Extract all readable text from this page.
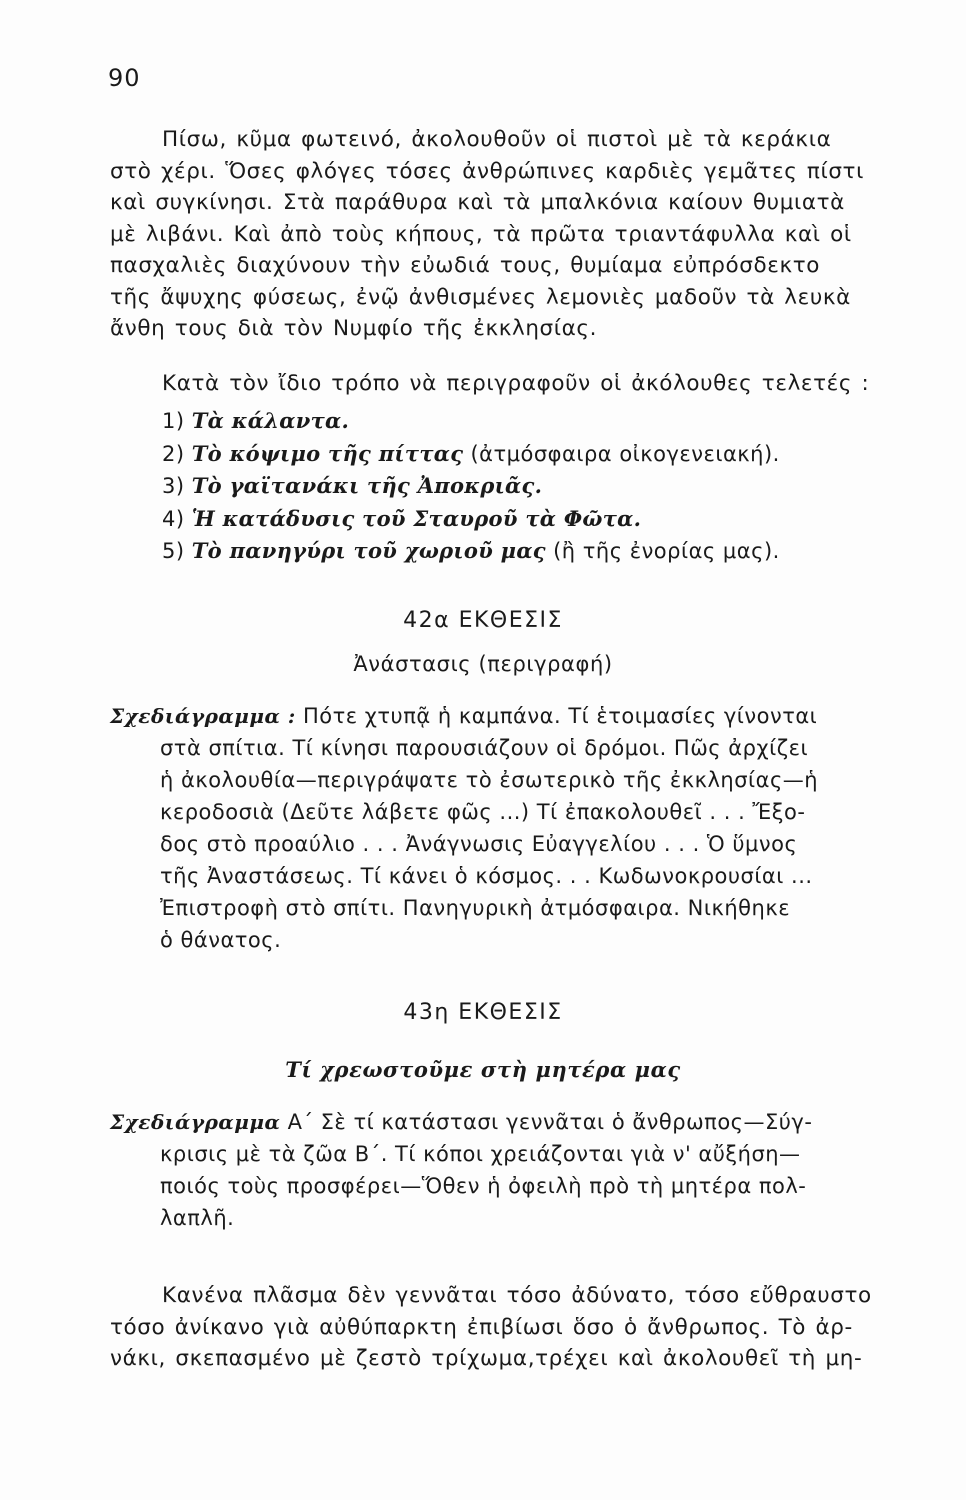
90
Πίσω, κῦμα φωτεινό, ἀκολουθοῦν οἱ πιστοὶ μὲ τὰ κεράκια
στὸ χέρι. Ὅσες φλόγες τόσες ἀνθρώπινες καρδιὲς γεμᾶτες πίστι
καὶ συγκίνησι. Στὰ παράθυρα καὶ τὰ μπαλκόνια καίουν θυμιατὰ
μὲ λιβάνι. Καὶ ἀπὸ τοὺς κήπους, τὰ πρῶτα τριαντάφυλλα καὶ οἱ
πασχαλιὲς διαχύνουν τὴν εὐωδιά τους, θυμίαμα εὐπρόσδεκτο
τῆς ἄψυχης φύσεως, ἐνῷ ἀνθισμένες λεμονιὲς μαδοῦν τὰ λευκὰ
ἄνθη τους διὰ τὸν Νυμφίο τῆς ἐκκλησίας.
Κατὰ τὸν ἴδιο τρόπο νὰ περιγραφοῦν οἱ ἀκόλουθες τελετές :
1) Τὰ κάλαντα.
2) Τὸ κόψιμο τῆς πίττας (ἀτμόσφαιρα οἰκογενειακή).
3) Τὸ γαϊτανάκι τῆς Ἀποκριᾶς.
4) Ἡ κατάδυσις τοῦ Σταυροῦ τὰ Φῶτα.
5) Τὸ πανηγύρι τοῦ χωριοῦ μας (ἢ τῆς ἐνορίας μας).
42α ΕΚΘΕΣΙΣ
Ἀνάστασις (περιγραφή)
Σχεδιάγραμμα : Πότε χτυπᾷ ἡ καμπάνα. Τί ἑτοιμασίες γίνονται
στὰ σπίτια. Τί κίνησι παρουσιάζουν οἱ δρόμοι. Πῶς ἀρχίζει
ἡ ἀκολουθία—περιγράψατε τὸ ἐσωτερικὸ τῆς ἐκκλησίας—ἡ
κεροδοσιὰ (Δεῦτε λάβετε φῶς ...) Τί ἐπακολουθεῖ . . . Ἔξο-
δος στὸ προαύλιο . . . Ἀνάγνωσις Εὐαγγελίου . . . Ὁ ὕμνος
τῆς Ἀναστάσεως. Τί κάνει ὁ κόσμος. . . Κωδωνοκρουσίαι ...
Ἐπιστροφὴ στὸ σπίτι. Πανηγυρικὴ ἀτμόσφαιρα. Νικήθηκε
ὁ θάνατος.
43η ΕΚΘΕΣΙΣ
Τί χρεωστοῦμε στὴ μητέρα μας
Σχεδιάγραμμα Α΄ Σὲ τί κατάστασι γεννᾶται ὁ ἄνθρωπος—Σύγ-
κρισις μὲ τὰ ζῶα Β΄. Τί κόποι χρειάζονται γιὰ ν' αὔξήση—
ποιός τοὺς προσφέρει—Ὅθεν ἡ ὀφειλὴ πρὸ τὴ μητέρα πολ-
λαπλῆ.
Κανένα πλᾶσμα δὲν γεννᾶται τόσο ἀδύνατο, τόσο εὔθραυστο
τόσο ἀνίκανο γιὰ αὐθύπαρκτη ἐπιβίωσι ὅσο ὁ ἄνθρωπος. Τὸ ἀρ-
νάκι, σκεπασμένο μὲ ζεστὸ τρίχωμα,τρέχει καὶ ἀκολουθεῖ τὴ μη-
